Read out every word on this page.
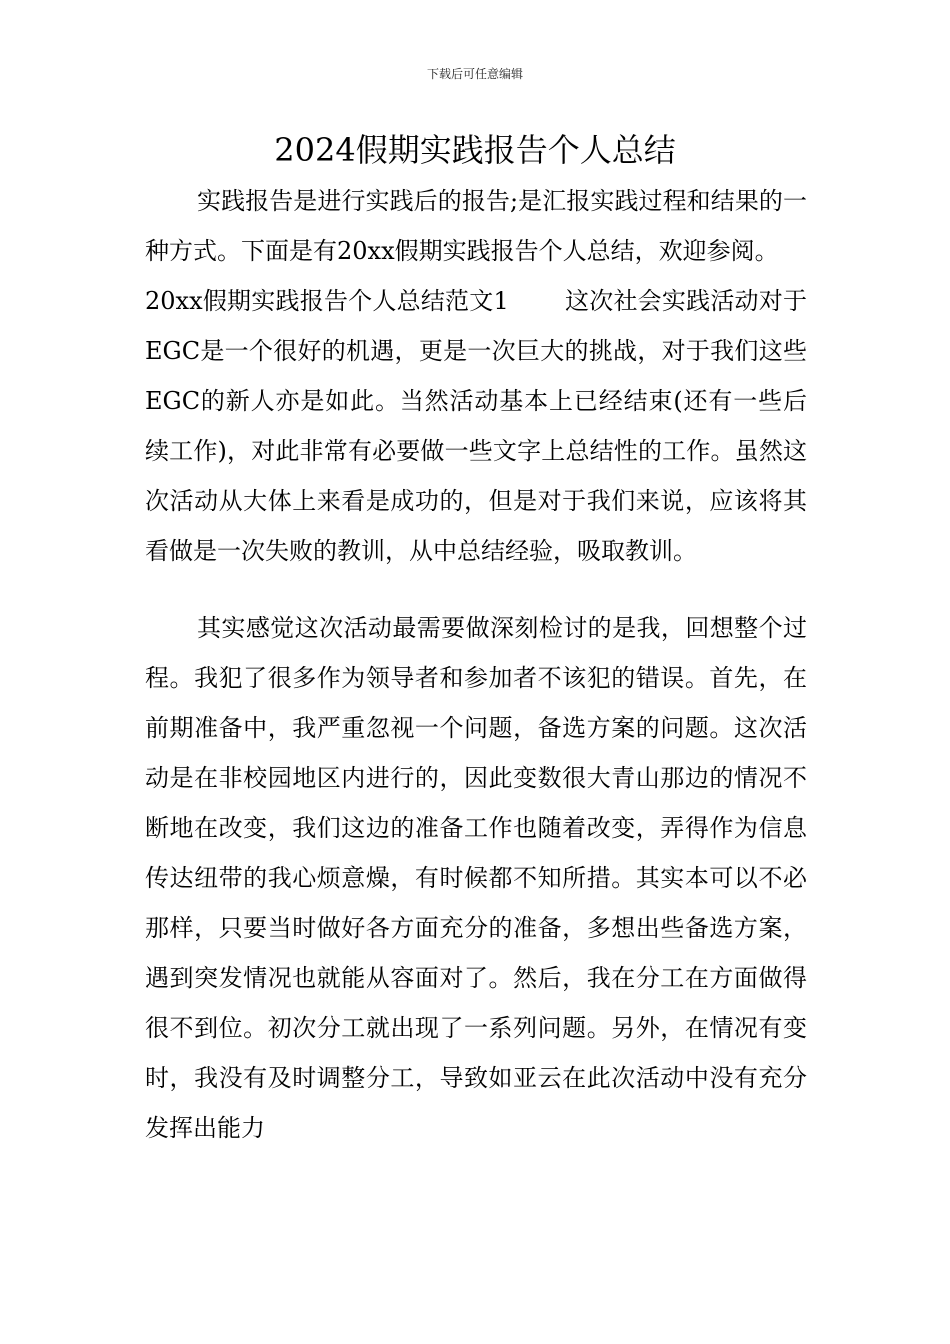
下载后可任意编辑
2024假期实践报告个人总结

实践报告是进行实践后的报告;是汇报实践过程和结果的一种方式。下面是有20xx假期实践报告个人总结，欢迎参阅。

20xx假期实践报告个人总结范文1 这次社会实践活动对于EGC是一个很好的机遇，更是一次巨大的挑战，对于我们这些EGC的新人亦是如此。当然活动基本上已经结束(还有一些后续工作)，对此非常有必要做一些文字上总结性的工作。虽然这次活动从大体上来看是成功的，但是对于我们来说，应该将其看做是一次失败的教训，从中总结经验，吸取教训。

其实感觉这次活动最需要做深刻检讨的是我，回想整个过程。我犯了很多作为领导者和参加者不该犯的错误。首先，在前期准备中，我严重忽视一个问题，备选方案的问题。这次活动是在非校园地区内进行的，因此变数很大青山那边的情况不断地在改变，我们这边的准备工作也随着改变，弄得作为信息传达纽带的我心烦意燥，有时候都不知所措。其实本可以不必那样，只要当时做好各方面充分的准备，多想出些备选方案，遇到突发情况也就能从容面对了。然后，我在分工在方面做得很不到位。初次分工就出现了一系列问题。另外，在情况有变时，我没有及时调整分工，导致如亚云在此次活动中没有充分发挥出能力
